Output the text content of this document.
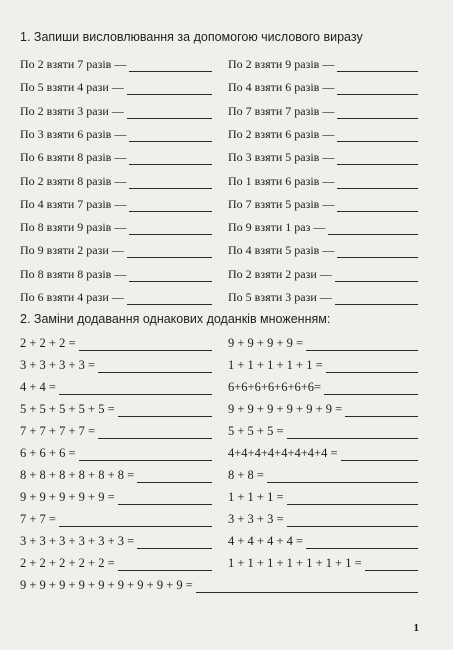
1. Запиши висловлювання за допомогою числового виразу
По 2 взяти 7 разів —
По 5 взяти 4 рази —
По 2 взяти 3 рази —
По 3 взяти 6 разів —
По 6 взяти 8 разів —
По 2 взяти 8 разів —
По 4 взяти 7 разів —
По 8 взяти 9 разів —
По 9 взяти 2 рази —
По 8 взяти 8 разів —
По 6 взяти 4 рази —
По 2 взяти 9 разів —
По 4 взяти 6 разів —
По 7 взяти 7 разів —
По 2 взяти 6 разів —
По 3 взяти 5 разів —
По 1 взяти 6 разів —
По 7 взяти 5 разів —
По 9 взяти 1 раз —
По 4 взяти 5 разів —
По 2 взяти 2 рази —
По 5 взяти 3 рази —
2. Заміни додавання однакових доданків множенням:
2 + 2 + 2 =
3 + 3 + 3 + 3 =
4 + 4 =
5 + 5 + 5 + 5 + 5 =
7 + 7 + 7 + 7 =
6 + 6 + 6 =
8 + 8 + 8 + 8 + 8 + 8 =
9 + 9 + 9 + 9 + 9 =
7 + 7 =
3 + 3 + 3 + 3 + 3 + 3 =
2 + 2 + 2 + 2 + 2 =
9 + 9 + 9 + 9 =
1 + 1 + 1 + 1 + 1 =
6+6+6+6+6+6+6=
9 + 9 + 9 + 9 + 9 + 9 =
5 + 5 + 5 =
4+4+4+4+4+4+4+4 =
8 + 8 =
1 + 1 + 1 =
3 + 3 + 3 =
4 + 4 + 4 + 4 =
1 + 1 + 1 + 1 + 1 + 1 + 1 =
9 + 9 + 9 + 9 + 9 + 9 + 9 + 9 + 9 =
1
